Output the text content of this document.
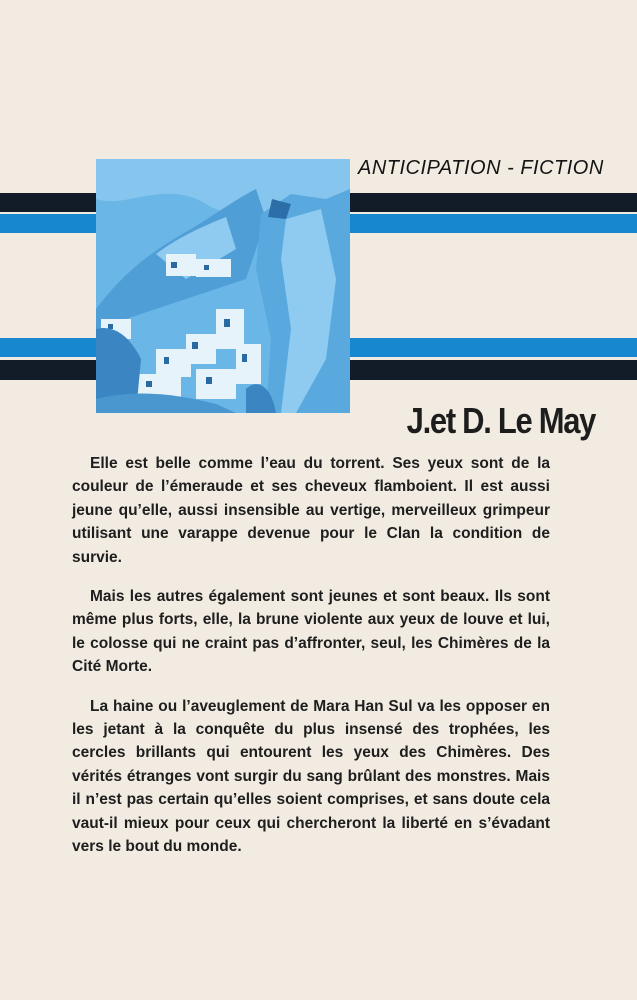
ANTICIPATION - FICTION
J.et D. Le May

Elle est belle comme l’eau du torrent. Ses yeux sont de la couleur de l’émeraude et ses cheveux flamboient. Il est aussi jeune qu’elle, aussi insensible au vertige, merveilleux grimpeur utilisant une varappe devenue pour le Clan la condition de survie.

Mais les autres également sont jeunes et sont beaux. Ils sont même plus forts, elle, la brune violente aux yeux de louve et lui, le colosse qui ne craint pas d’affronter, seul, les Chimères de la Cité Morte.

La haine ou l’aveuglement de Mara Han Sul va les opposer en les jetant à la conquête du plus insensé des trophées, les cercles brillants qui entourent les yeux des Chimères. Des vérités étranges vont surgir du sang brûlant des monstres. Mais il n’est pas certain qu’elles soient comprises, et sans doute cela vaut-il mieux pour ceux qui chercheront la liberté en s’évadant vers le bout du monde.
